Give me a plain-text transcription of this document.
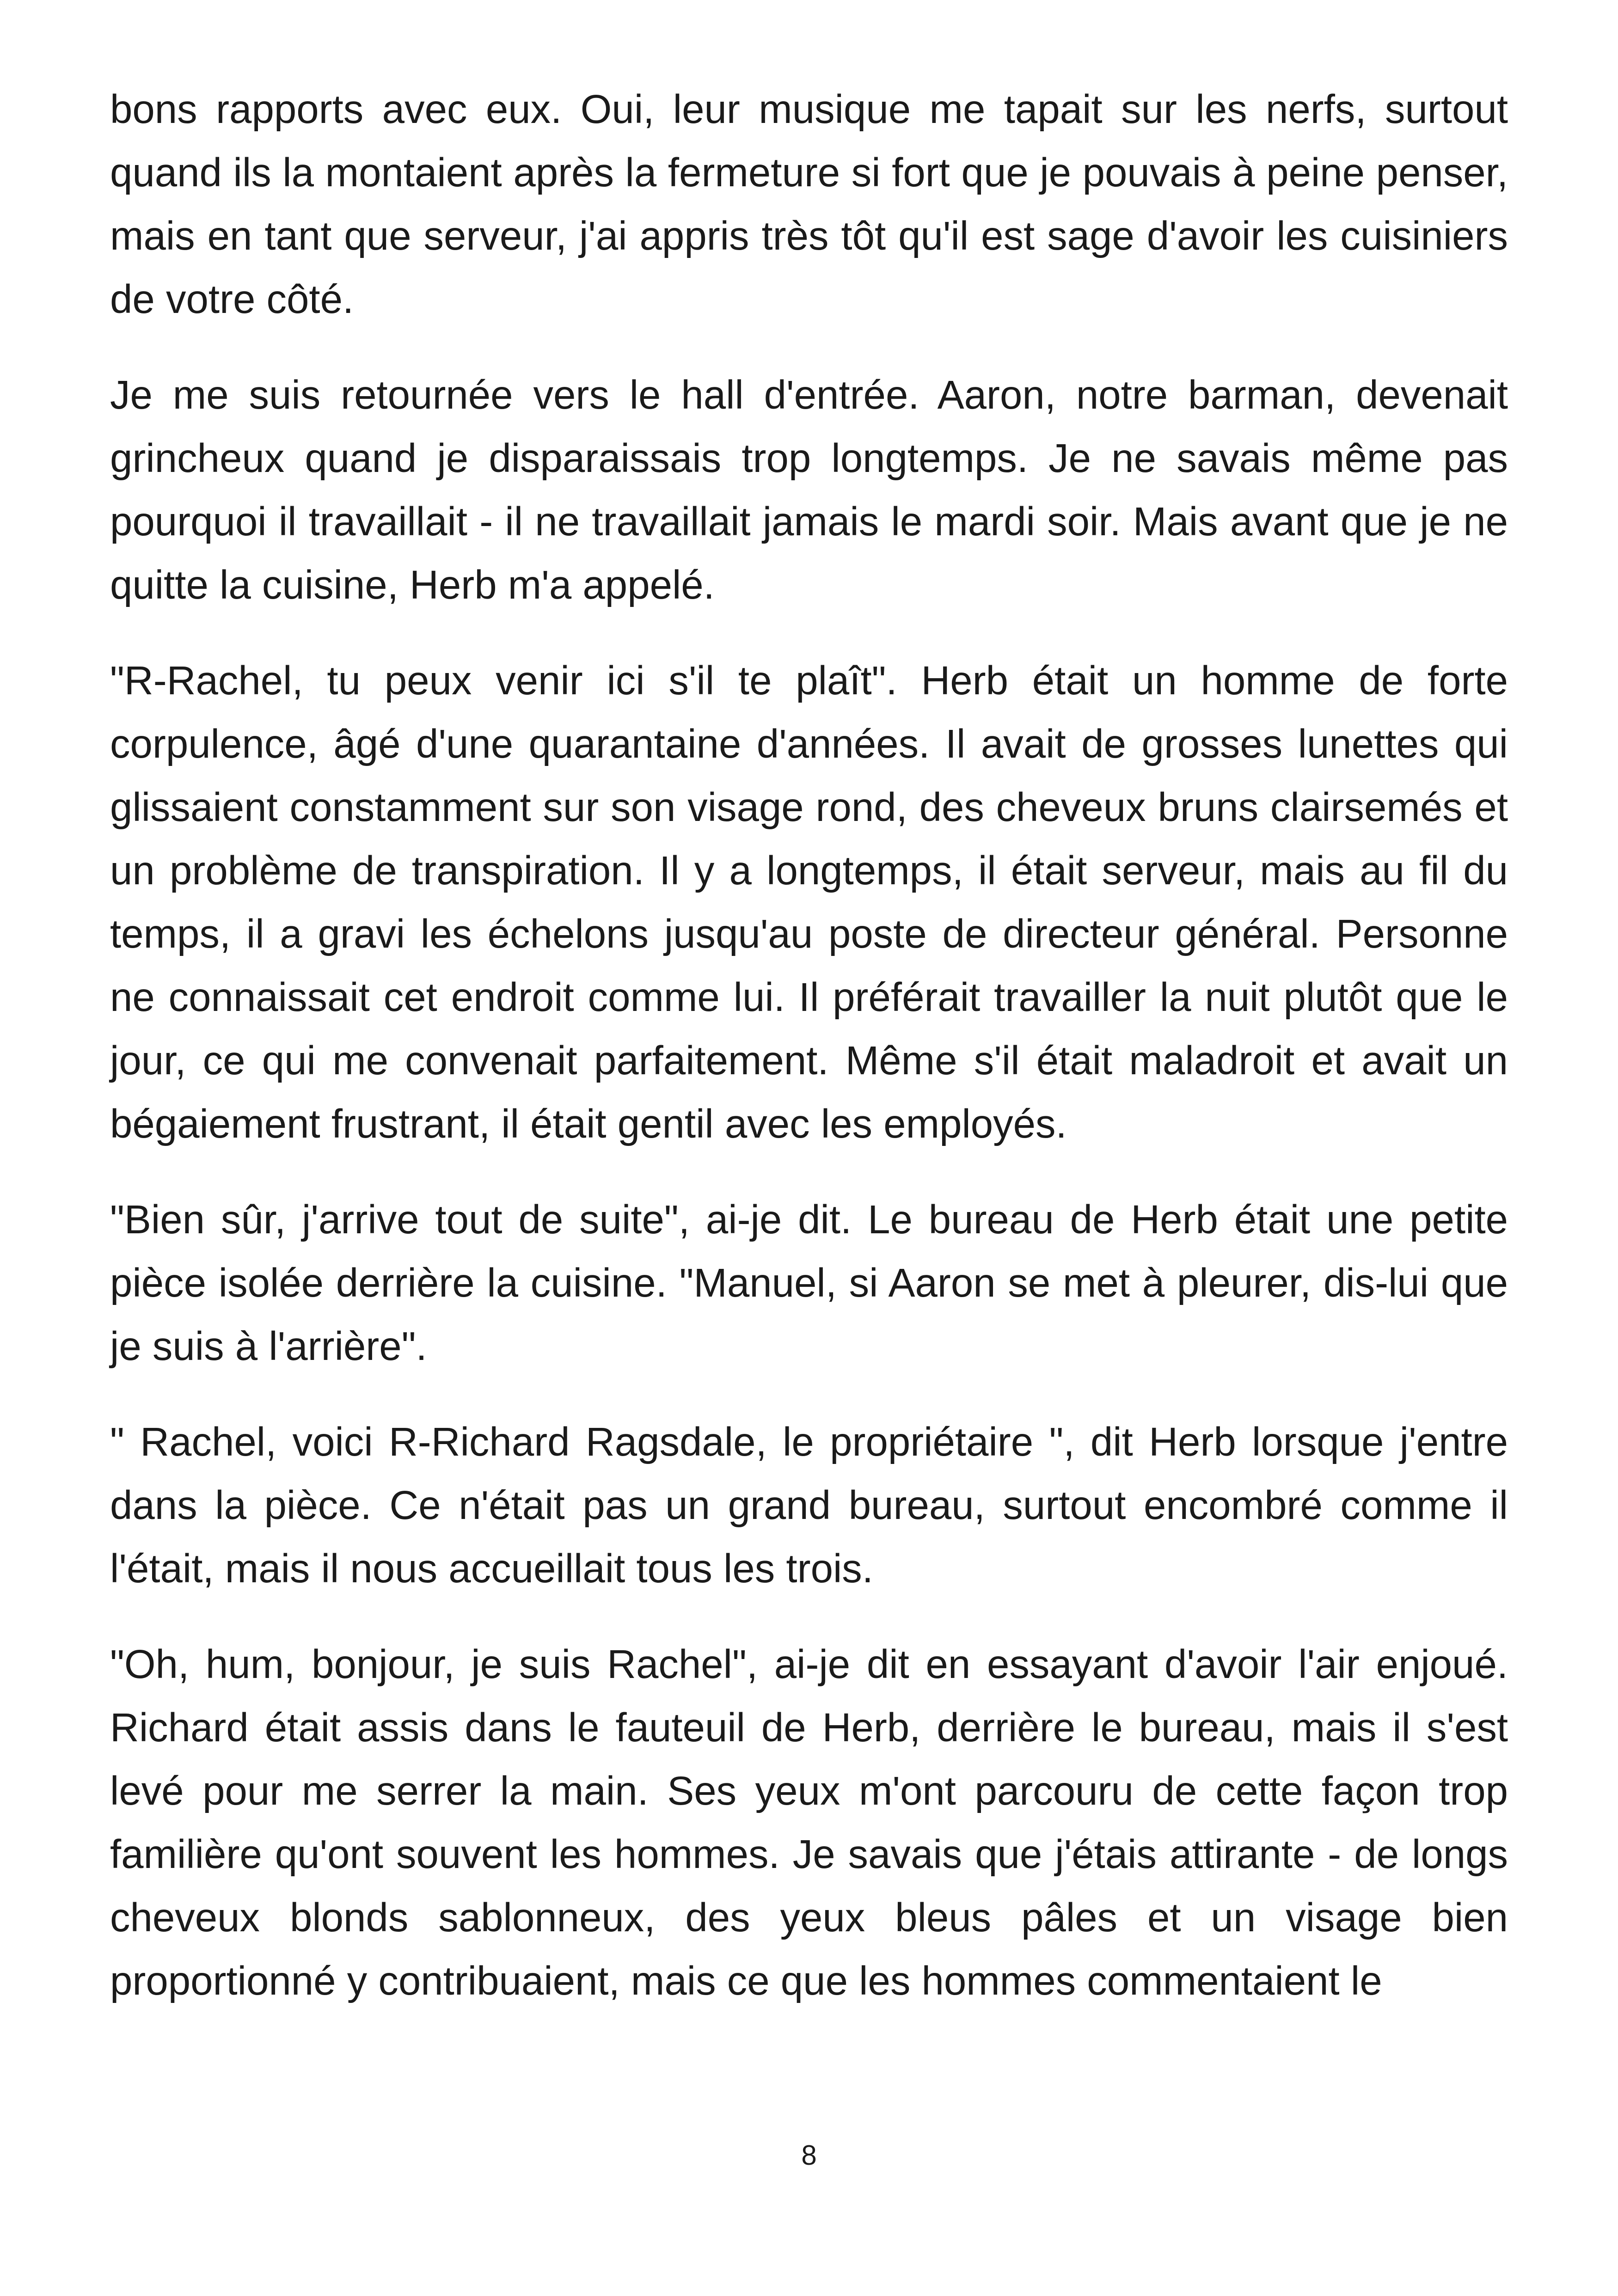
bons rapports avec eux. Oui, leur musique me tapait sur les nerfs, surtout quand ils la montaient après la fermeture si fort que je pouvais à peine penser, mais en tant que serveur, j'ai appris très tôt qu'il est sage d'avoir les cuisiniers de votre côté.

Je me suis retournée vers le hall d'entrée. Aaron, notre barman, devenait grincheux quand je disparaissais trop longtemps. Je ne savais même pas pourquoi il travaillait - il ne travaillait jamais le mardi soir. Mais avant que je ne quitte la cuisine, Herb m'a appelé.

"R-Rachel, tu peux venir ici s'il te plaît". Herb était un homme de forte corpulence, âgé d'une quarantaine d'années. Il avait de grosses lunettes qui glissaient constamment sur son visage rond, des cheveux bruns clairsemés et un problème de transpiration. Il y a longtemps, il était serveur, mais au fil du temps, il a gravi les échelons jusqu'au poste de directeur général. Personne ne connaissait cet endroit comme lui. Il préférait travailler la nuit plutôt que le jour, ce qui me convenait parfaitement. Même s'il était maladroit et avait un bégaiement frustrant, il était gentil avec les employés.

"Bien sûr, j'arrive tout de suite", ai-je dit. Le bureau de Herb était une petite pièce isolée derrière la cuisine. "Manuel, si Aaron se met à pleurer, dis-lui que je suis à l'arrière".

" Rachel, voici R-Richard Ragsdale, le propriétaire ", dit Herb lorsque j'entre dans la pièce. Ce n'était pas un grand bureau, surtout encombré comme il l'était, mais il nous accueillait tous les trois.

"Oh, hum, bonjour, je suis Rachel", ai-je dit en essayant d'avoir l'air enjoué. Richard était assis dans le fauteuil de Herb, derrière le bureau, mais il s'est levé pour me serrer la main. Ses yeux m'ont parcouru de cette façon trop familière qu'ont souvent les hommes. Je savais que j'étais attirante - de longs cheveux blonds sablonneux, des yeux bleus pâles et un visage bien proportionné y contribuaient, mais ce que les hommes commentaient le

8
